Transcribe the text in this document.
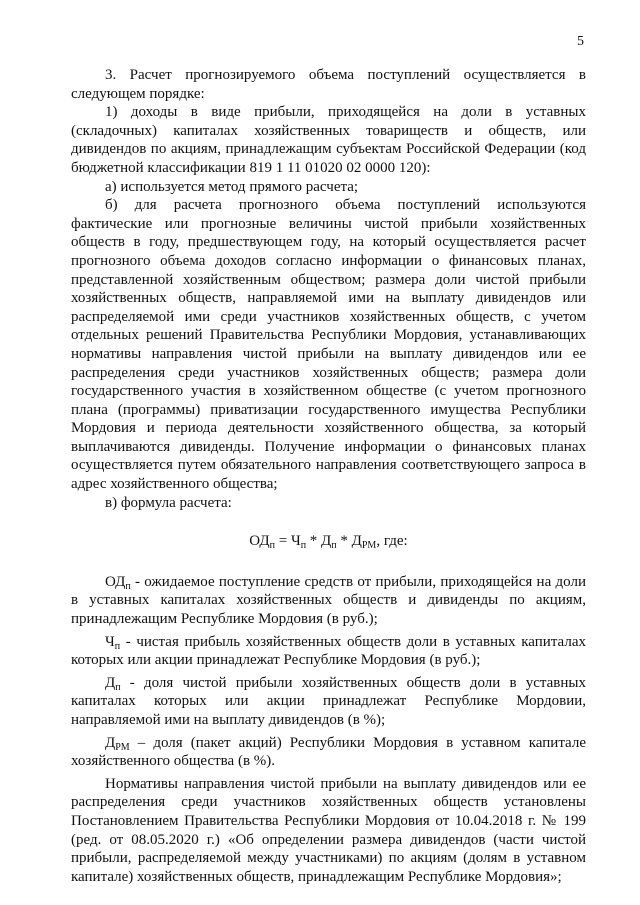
5

3. Расчет прогнозируемого объема поступлений осуществляется в следующем порядке:

1) доходы в виде прибыли, приходящейся на доли в уставных (складочных) капиталах хозяйственных товариществ и обществ, или дивидендов по акциям, принадлежащим субъектам Российской Федерации (код бюджетной классификации 819 1 11 01020 02 0000 120):

а) используется метод прямого расчета;

б) для расчета прогнозного объема поступлений используются фактические или прогнозные величины чистой прибыли хозяйственных обществ в году, предшествующем году, на который осуществляется расчет прогнозного объема доходов согласно информации о финансовых планах, представленной хозяйственным обществом; размера доли чистой прибыли хозяйственных обществ, направляемой ими на выплату дивидендов или распределяемой ими среди участников хозяйственных обществ, с учетом отдельных решений Правительства Республики Мордовия, устанавливающих нормативы направления чистой прибыли на выплату дивидендов или ее распределения среди участников хозяйственных обществ; размера доли государственного участия в хозяйственном обществе (с учетом прогнозного плана (программы) приватизации государственного имущества Республики Мордовия и периода деятельности хозяйственного общества, за который выплачиваются дивиденды. Получение информации о финансовых планах осуществляется путем обязательного направления соответствующего запроса в адрес хозяйственного общества;

в) формула расчета:

$ОД_п = Ч_п * Д_п * Д_{РМ}$, где:

$ОД_п$ - ожидаемое поступление средств от прибыли, приходящейся на доли в уставных капиталах хозяйственных обществ и дивиденды по акциям, принадлежащим Республике Мордовия (в руб.);

$Ч_п$ - чистая прибыль хозяйственных обществ доли в уставных капиталах которых или акции принадлежат Республике Мордовия (в руб.);

$Д_п$ - доля чистой прибыли хозяйственных обществ доли в уставных капиталах которых или акции принадлежат Республике Мордовии, направляемой ими на выплату дивидендов (в %);

$Д_{РМ}$ – доля (пакет акций) Республики Мордовия в уставном капитале хозяйственного общества (в %).

Нормативы направления чистой прибыли на выплату дивидендов или ее распределения среди участников хозяйственных обществ установлены Постановлением Правительства Республики Мордовия от 10.04.2018 г. № 199 (ред. от 08.05.2020 г.) «Об определении размера дивидендов (части чистой прибыли, распределяемой между участниками) по акциям (долям в уставном капитале) хозяйственных обществ, принадлежащим Республике Мордовия»;
